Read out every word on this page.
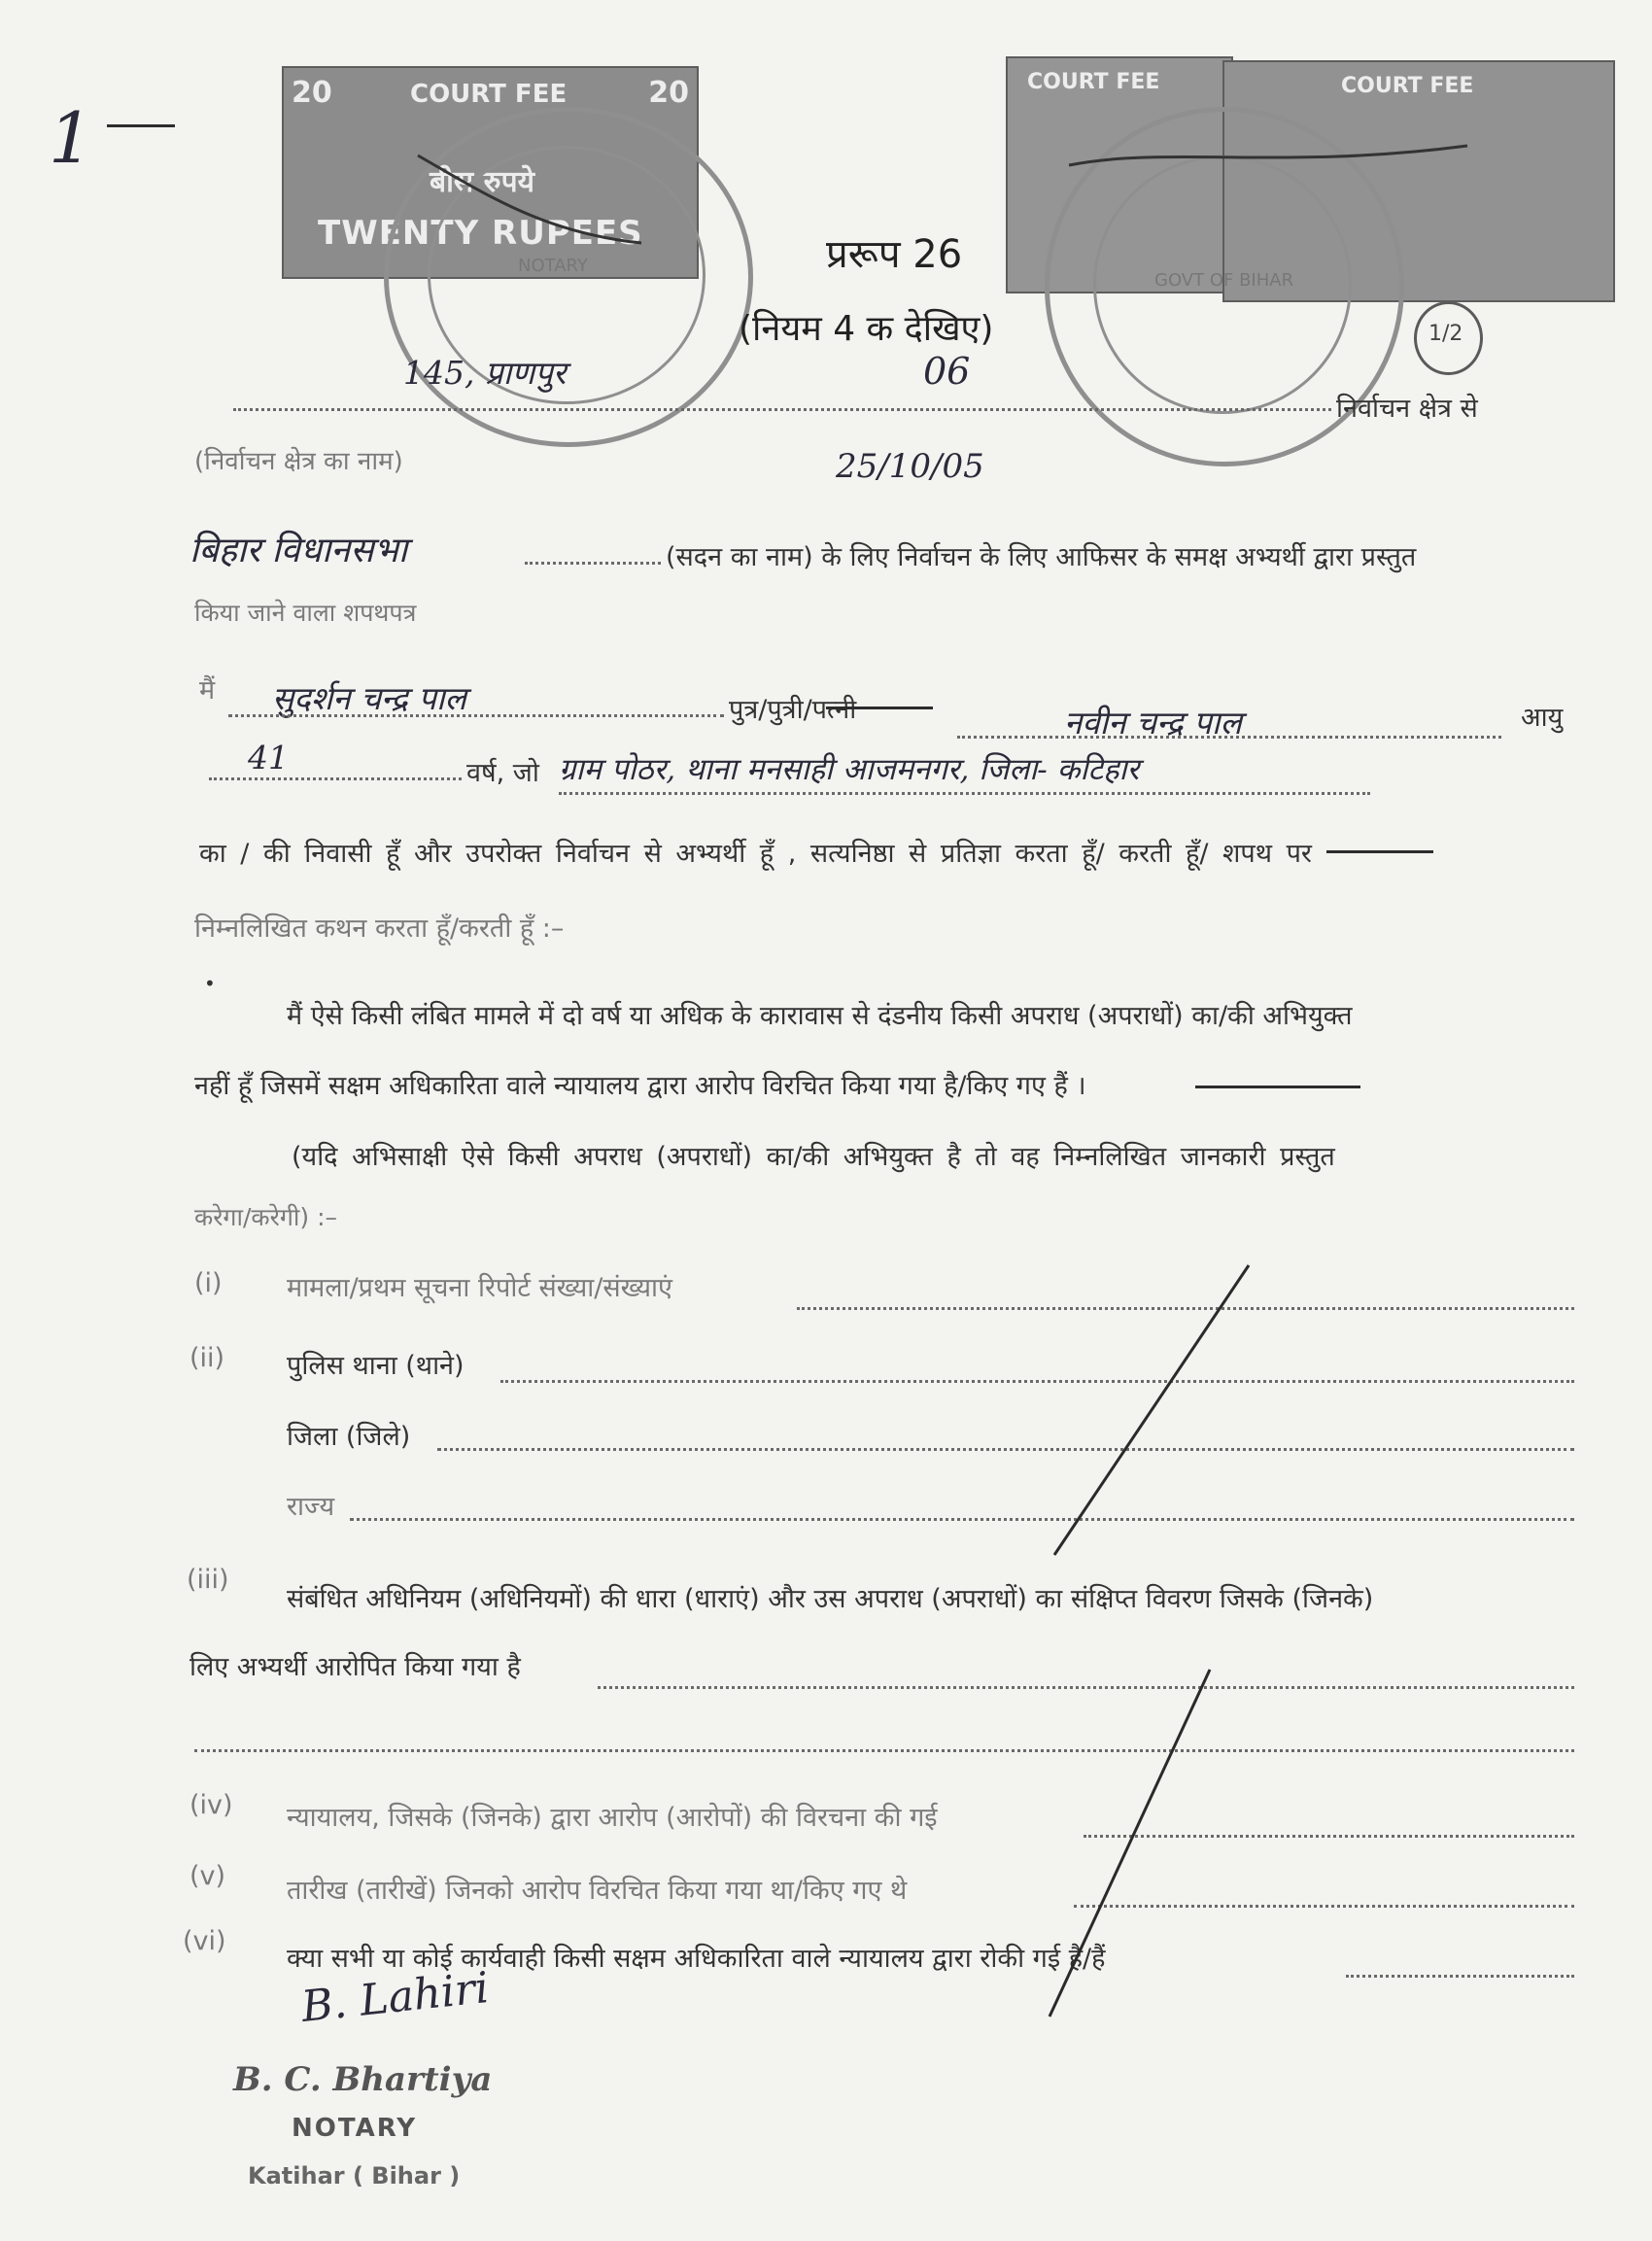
1
20	20
COURT FEE
बीस रुपये
TWENTY RUPEES
COURT FEE	COURT FEE
NOTARY
GOVT OF BIHAR
1/2
प्ररूप 26
(नियम 4 क देखिए)
145, प्राणपुर
निर्वाचन क्षेत्र से
06
25/10/05
(निर्वाचन क्षेत्र का नाम)
बिहार विधानसभा	(सदन का नाम) के लिए निर्वाचन के लिए आफिसर के समक्ष अभ्यर्थी द्वारा प्रस्तुत
किया जाने वाला शपथपत्र
मैं सुदर्शन चन्द्र पाल	पुत्र/पुत्री/पत्नी	नवीन चन्द्र पाल	आयु
41	वर्ष, जो ग्राम पोठर, थाना मनसाही आजमनगर, जिला- कटिहार
का / की निवासी हूँ और उपरोक्त निर्वाचन से अभ्यर्थी हूँ , सत्यनिष्ठा से प्रतिज्ञा करता हूँ/ करती हूँ/ शपथ पर
निम्नलिखित कथन करता हूँ/करती हूँ :–
•
मैं ऐसे किसी लंबित मामले में दो वर्ष या अधिक के कारावास से दंडनीय किसी अपराध (अपराधों) का/की अभियुक्त
नहीं हूँ जिसमें सक्षम अधिकारिता वाले न्यायालय द्वारा आरोप विरचित किया गया है/किए गए हैं ।
(यदि अभिसाक्षी ऐसे किसी अपराध (अपराधों) का/की अभियुक्त है तो वह निम्नलिखित जानकारी प्रस्तुत
करेगा/करेगी) :–
(i) मामला/प्रथम सूचना रिपोर्ट संख्या/संख्याएं
(ii) पुलिस थाना (थाने)
जिला (जिले)
राज्य
(iii)
संबंधित अधिनियम (अधिनियमों) की धारा (धाराएं) और उस अपराध (अपराधों) का संक्षिप्त विवरण जिसके (जिनके)
लिए अभ्यर्थी आरोपित किया गया है
(iv) न्यायालय, जिसके (जिनके) द्वारा आरोप (आरोपों) की विरचना की गई
(v) तारीख (तारीखें) जिनको आरोप विरचित किया गया था/किए गए थे
(vi)
क्या सभी या कोई कार्यवाही किसी सक्षम अधिकारिता वाले न्यायालय द्वारा रोकी गई है/हैं
B. Lahiri
B. C. Bhartiya
NOTARY
Katihar ( Bihar )
